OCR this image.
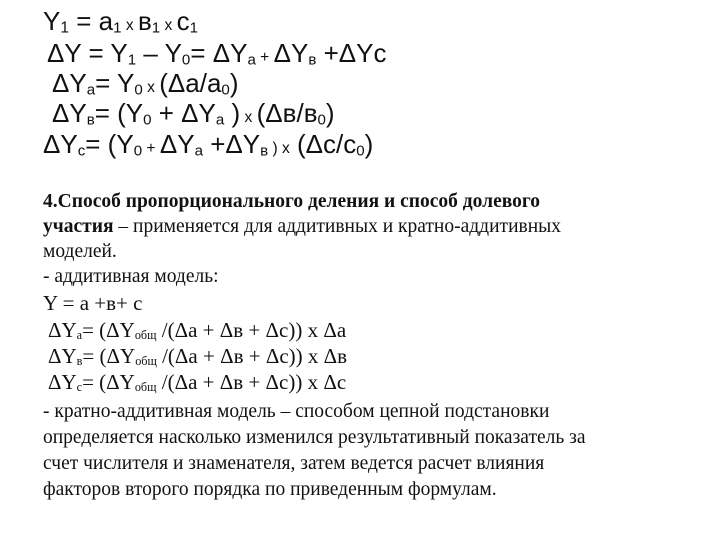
$Y_1 = a_1$ x $в_1$ x $c_1$
$\Delta Y = Y_1 - Y_0= \Delta Y_a + \Delta Y_в +\Delta Yc$
$\Delta Y_a= Y_0$ x $(\Delta a/a_0)$
$\Delta Y_в= (Y_0 + \Delta Y_a$ ) x $(\Delta в/в_0)$
$\Delta Y_c= (Y_0 + \Delta Y_a +\Delta Y_в$ ) x $(\Delta c/c_0)$
4.Способ пропорционального деления и способ долевого
участия – применяется для аддитивных и кратно-аддитивных
моделей.
- аддитивная модель:
Y = a +в+ c
$\Delta Y_a= (\Delta Y_{общ}$ /(Δa + Δв + Δc)) x Δa
$\Delta Y_в= (\Delta Y_{общ}$ /(Δa + Δв + Δc)) x Δв
$\Delta Y_c= (\Delta Y_{общ}$ /(Δa + Δв + Δc)) x Δc
- кратно-аддитивная модель – способом цепной подстановки
определяется насколько изменился результативный показатель за
счет числителя и знаменателя, затем ведется расчет влияния
факторов второго порядка по приведенным формулам.
